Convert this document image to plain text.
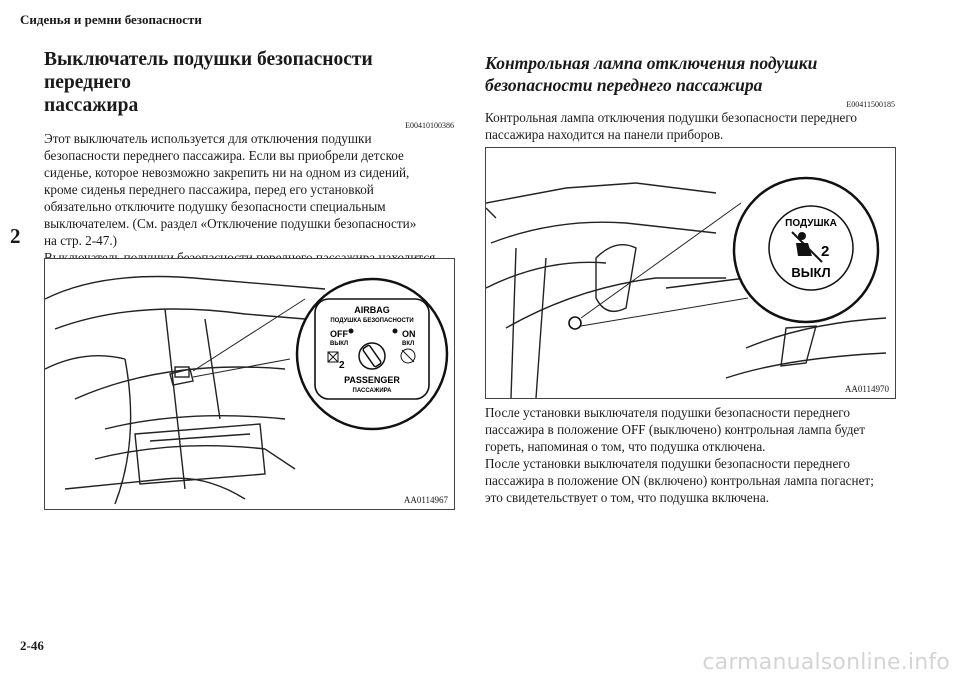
Сиденья и ремни безопасности
2
Выключатель подушки безопасности переднего
пассажира
E00410100386

Этот выключатель используется для отключения подушки
безопасности переднего пассажира. Если вы приобрели детское
сиденье, которое невозможно закрепить ни на одном из сидений,
кроме сиденья переднего пассажира, перед его установкой
обязательно отключите подушку безопасности специальным
выключателем. (См. раздел «Отключение подушки безопасности»
на стр. 2-47.)

AIRBAG
ПОДУШКА БЕЗОПАСНОСТИ
OFF
ВЫКЛ
ON
ВКЛ
2
PASSENGER
ПАССАЖИРА
AA0114967
Контрольная лампа отключения подушки
безопасности переднего пассажира
E00411500185

Контрольная лампа отключения подушки безопасности переднего
пассажира находится на панели приборов.

ПОДУШКА
2
ВЫКЛ
AA0114970

После установки выключателя подушки безопасности переднего
пассажира в положение OFF (выключено) контрольная лампа будет
гореть, напоминая о том, что подушка отключена.
После установки выключателя подушки безопасности переднего
пассажира в положение ON (включено) контрольная лампа погаснет;
это свидетельствует о том, что подушка включена.

2-46
carmanualsonline.info
